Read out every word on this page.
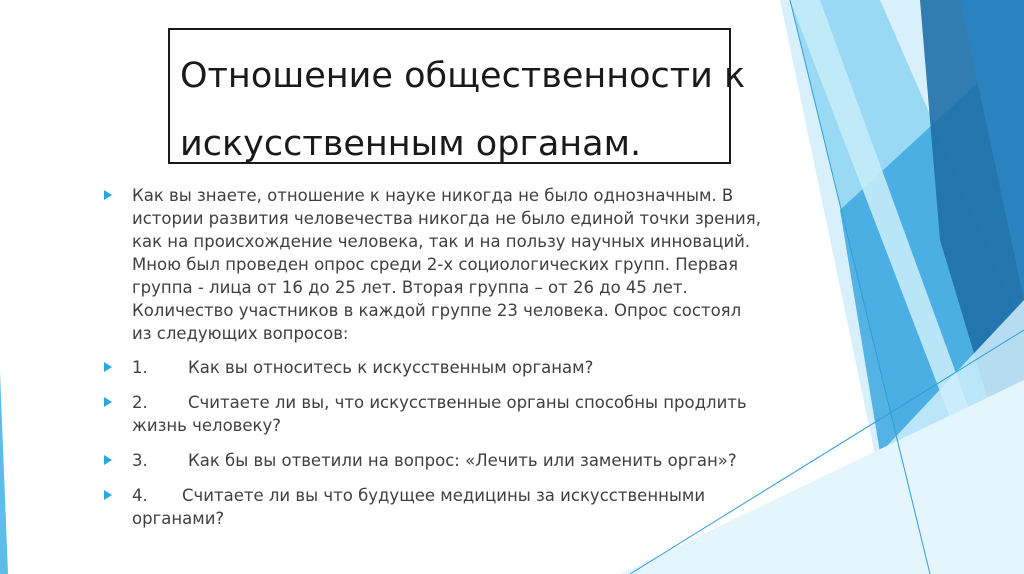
Отношение общественности к
искусственным органам.
Как вы знаете, отношение к науке никогда не было однозначным. В истории развития человечества никогда не было единой точки зрения, как на происхождение человека, так и на пользу научных инноваций. Мною был проведен опрос среди 2-х социологических групп. Первая группа - лица от 16 до 25 лет. Вторая группа – от 26 до 45 лет. Количество участников в каждой группе 23 человека. Опрос состоял из следующих вопросов:
1. Как вы относитесь к искусственным органам?
2. Считаете ли вы, что искусственные органы способны продлить жизнь человеку?
3. Как бы вы ответили на вопрос: «Лечить или заменить орган»?
4. Считаете ли вы что будущее медицины за искусственными органами?
